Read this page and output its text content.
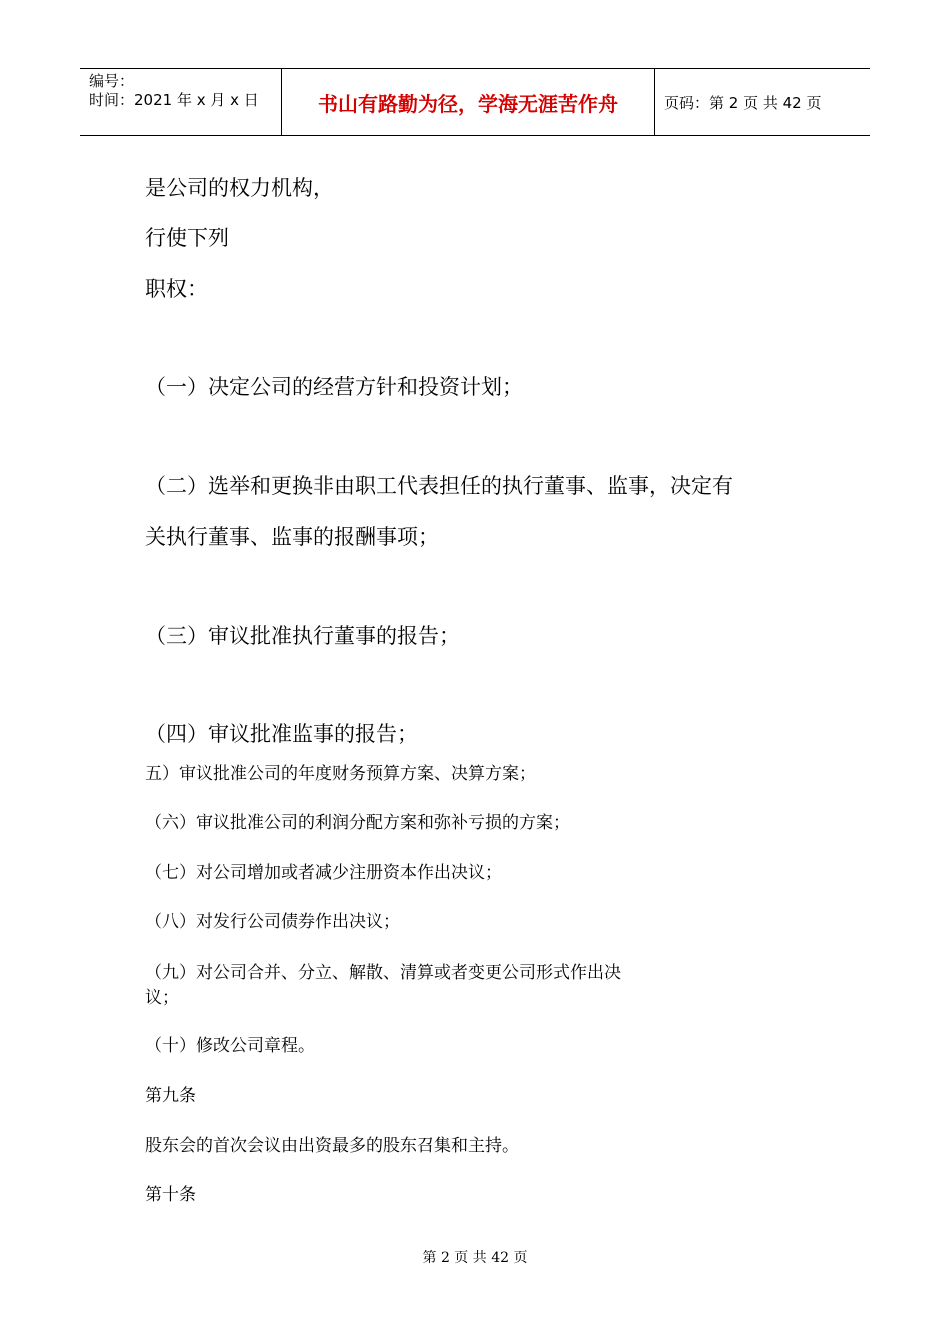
编号：
时间：2021 年 x 月 x 日	书山有路勤为径，学海无涯苦作舟	页码：第 2 页 共 42 页
是公司的权力机构，
行使下列
职权：
（一）决定公司的经营方针和投资计划；
（二）选举和更换非由职工代表担任的执行董事、监事，决定有
关执行董事、监事的报酬事项；
（三）审议批准执行董事的报告；
（四）审议批准监事的报告；
五）审议批准公司的年度财务预算方案、决算方案；
（六）审议批准公司的利润分配方案和弥补亏损的方案；
（七）对公司增加或者减少注册资本作出决议；
（八）对发行公司债券作出决议；
（九）对公司合并、分立、解散、清算或者变更公司形式作出决
议；
（十）修改公司章程。
第九条
股东会的首次会议由出资最多的股东召集和主持。
第十条
第 2 页 共 42 页
